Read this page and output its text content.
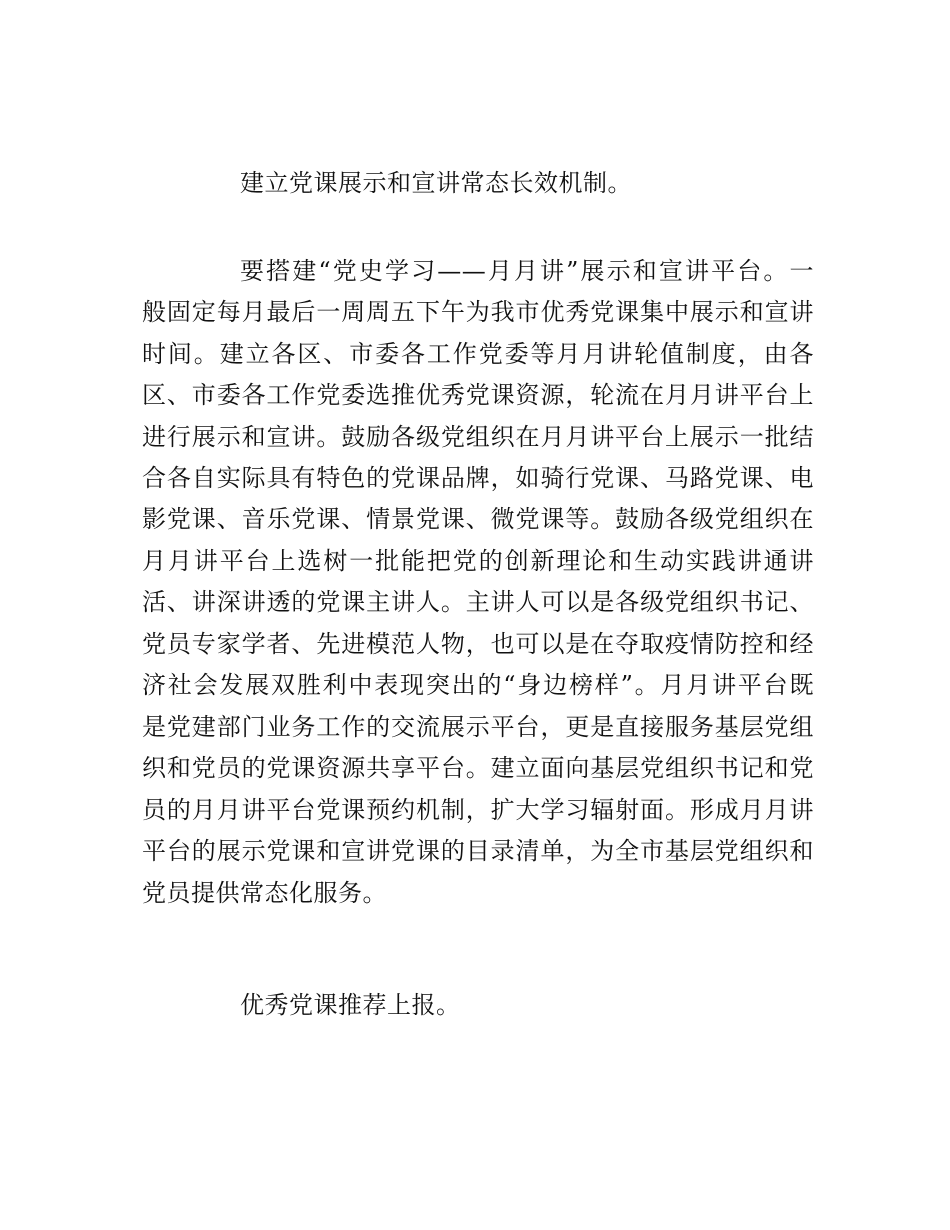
建立党课展示和宣讲常态长效机制。
要搭建“党史学习——月月讲”展示和宣讲平台。一
般固定每月最后一周周五下午为我市优秀党课集中展示和宣讲
时间。建立各区、市委各工作党委等月月讲轮值制度，由各
区、市委各工作党委选推优秀党课资源，轮流在月月讲平台上
进行展示和宣讲。鼓励各级党组织在月月讲平台上展示一批结
合各自实际具有特色的党课品牌，如骑行党课、马路党课、电
影党课、音乐党课、情景党课、微党课等。鼓励各级党组织在
月月讲平台上选树一批能把党的创新理论和生动实践讲通讲
活、讲深讲透的党课主讲人。主讲人可以是各级党组织书记、
党员专家学者、先进模范人物，也可以是在夺取疫情防控和经
济社会发展双胜利中表现突出的“身边榜样”。月月讲平台既
是党建部门业务工作的交流展示平台，更是直接服务基层党组
织和党员的党课资源共享平台。建立面向基层党组织书记和党
员的月月讲平台党课预约机制，扩大学习辐射面。形成月月讲
平台的展示党课和宣讲党课的目录清单，为全市基层党组织和
党员提供常态化服务。
优秀党课推荐上报。
